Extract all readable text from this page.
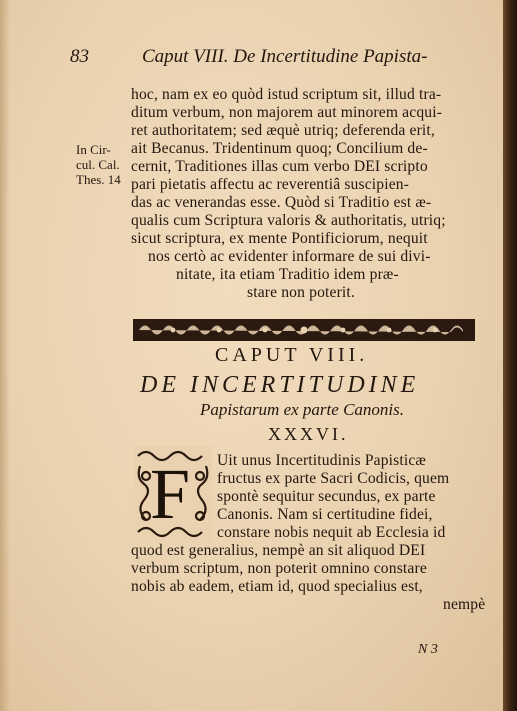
83	Caput VIII. De Incertitudine Papista-
In Cir-
cul. Cal.
Thes. 14
hoc, nam ex eo quòd istud scriptum sit, illud tra-
ditum verbum, non majorem aut minorem acqui-
ret authoritatem; sed æquè utriq; deferenda erit,
ait Becanus. Tridentinum quoq; Concilium de-
cernit, Traditiones illas cum verbo DEI scripto
pari pietatis affectu ac reverentiâ suscipien-
das ac venerandas esse. Quòd si Traditio est æ-
qualis cum Scriptura valoris & authoritatis, utriq;
sicut scriptura, ex mente Pontificiorum, nequit
nos certò ac evidenter informare de sui divi-
nitate, ita etiam Traditio idem præ-
stare non poterit.
CAPUT VIII.
DE INCERTITUDINE
Papistarum ex parte Canonis.
XXXVI.
F Uit unus Incertitudinis Papisticæ
fructus ex parte Sacri Codicis, quem
spontè sequitur secundus, ex parte
Canonis. Nam si certitudine fidei,
constare nobis nequit ab Ecclesia id
quod est generalius, nempè an sit aliquod DEI
verbum scriptum, non poterit omnino constare
nobis ab eadem, etiam id, quod specialius est,
nempè
N 3
